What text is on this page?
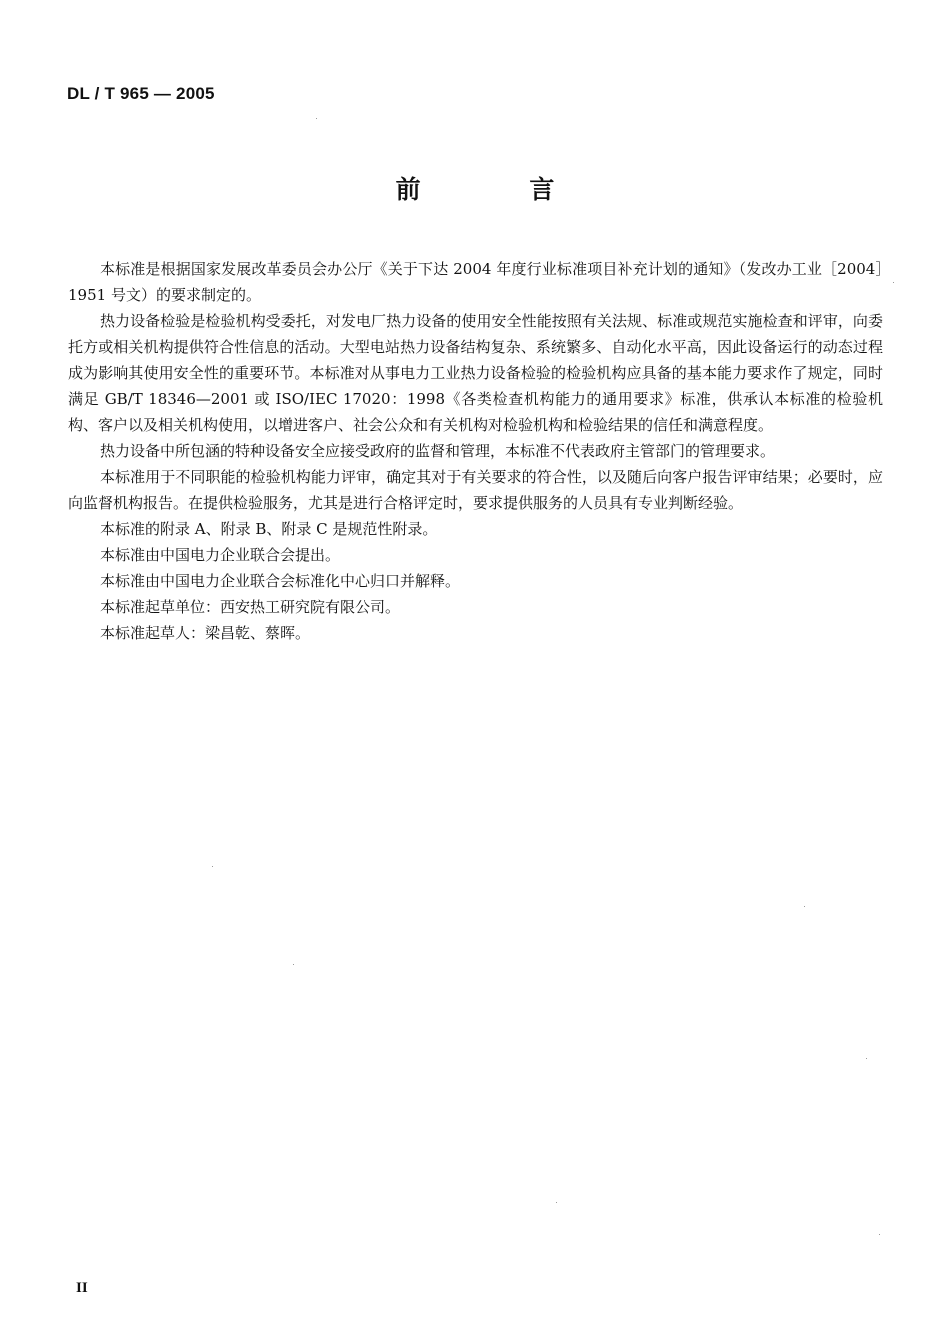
DL / T 965 — 2005
前 言

本标准是根据国家发展改革委员会办公厅《关于下达 2004 年度行业标准项目补充计划的通知》（发改办工业［2004］1951 号文）的要求制定的。

热力设备检验是检验机构受委托，对发电厂热力设备的使用安全性能按照有关法规、标准或规范实施检查和评审，向委托方或相关机构提供符合性信息的活动。大型电站热力设备结构复杂、系统繁多、自动化水平高，因此设备运行的动态过程成为影响其使用安全性的重要环节。本标准对从事电力工业热力设备检验的检验机构应具备的基本能力要求作了规定，同时满足 GB/T 18346—2001 或 ISO/IEC 17020：1998《各类检查机构能力的通用要求》标准，供承认本标准的检验机构、客户以及相关机构使用，以增进客户、社会公众和有关机构对检验机构和检验结果的信任和满意程度。

热力设备中所包涵的特种设备安全应接受政府的监督和管理，本标准不代表政府主管部门的管理要求。

本标准用于不同职能的检验机构能力评审，确定其对于有关要求的符合性，以及随后向客户报告评审结果；必要时，应向监督机构报告。在提供检验服务，尤其是进行合格评定时，要求提供服务的人员具有专业判断经验。

本标准的附录 A、附录 B、附录 C 是规范性附录。

本标准由中国电力企业联合会提出。

本标准由中国电力企业联合会标准化中心归口并解释。

本标准起草单位：西安热工研究院有限公司。

本标准起草人：梁昌乾、蔡晖。

II
